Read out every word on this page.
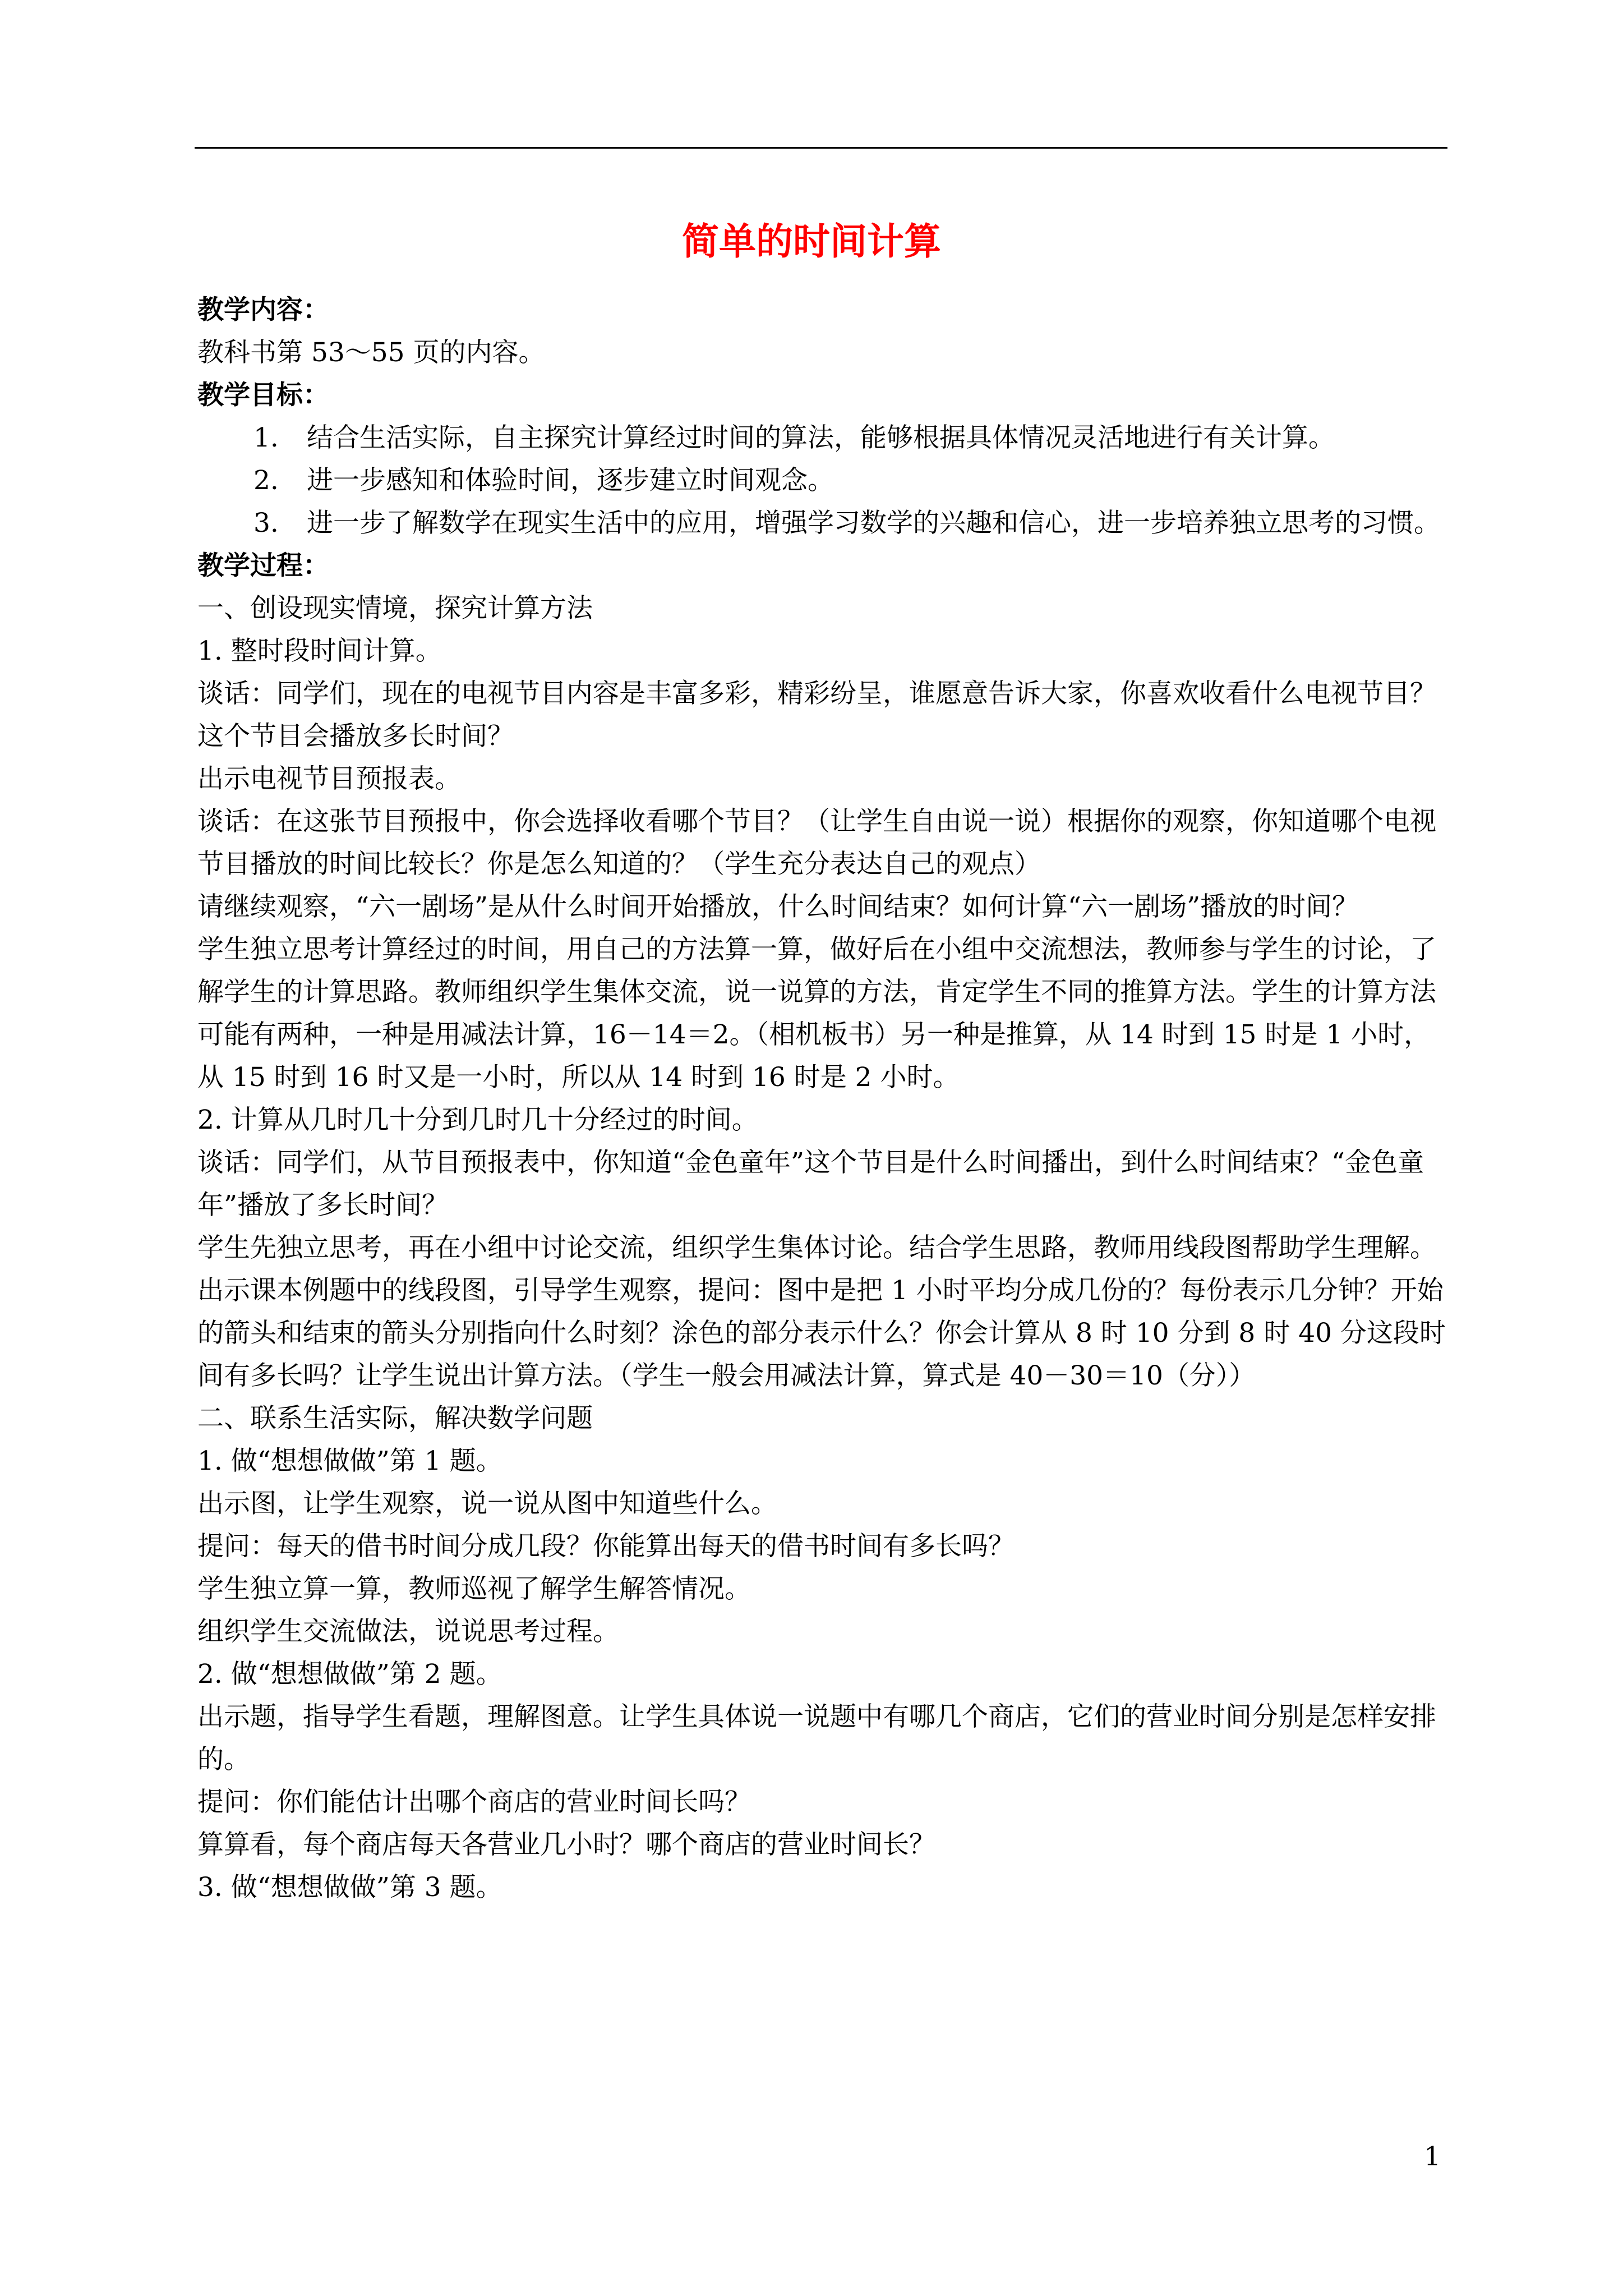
简单的时间计算

教学内容：

教科书第 53～55 页的内容。

教学目标：

1. 结合生活实际，自主探究计算经过时间的算法，能够根据具体情况灵活地进行有关计算。

2. 进一步感知和体验时间，逐步建立时间观念。

3. 进一步了解数学在现实生活中的应用，增强学习数学的兴趣和信心，进一步培养独立思考的习惯。

教学过程：

一、创设现实情境，探究计算方法

1. 整时段时间计算。

谈话：同学们，现在的电视节目内容是丰富多彩，精彩纷呈，谁愿意告诉大家，你喜欢收看什么电视节目？这个节目会播放多长时间？

出示电视节目预报表。

谈话：在这张节目预报中，你会选择收看哪个节目？（让学生自由说一说）根据你的观察，你知道哪个电视节目播放的时间比较长？你是怎么知道的？（学生充分表达自己的观点）

请继续观察，“六一剧场”是从什么时间开始播放，什么时间结束？如何计算“六一剧场”播放的时间？

学生独立思考计算经过的时间，用自己的方法算一算，做好后在小组中交流想法，教师参与学生的讨论，了解学生的计算思路。教师组织学生集体交流，说一说算的方法，肯定学生不同的推算方法。学生的计算方法可能有两种，一种是用减法计算，16－14＝2。（相机板书）另一种是推算，从 14 时到 15 时是 1 小时，从 15 时到 16 时又是一小时，所以从 14 时到 16 时是 2 小时。

2. 计算从几时几十分到几时几十分经过的时间。

谈话：同学们，从节目预报表中，你知道“金色童年”这个节目是什么时间播出，到什么时间结束？“金色童年”播放了多长时间？

学生先独立思考，再在小组中讨论交流，组织学生集体讨论。结合学生思路，教师用线段图帮助学生理解。

出示课本例题中的线段图，引导学生观察，提问：图中是把 1 小时平均分成几份的？每份表示几分钟？开始的箭头和结束的箭头分别指向什么时刻？涂色的部分表示什么？你会计算从 8 时 10 分到 8 时 40 分这段时间有多长吗？让学生说出计算方法。（学生一般会用减法计算，算式是 40－30＝10（分））

二、联系生活实际，解决数学问题

1. 做“想想做做”第 1 题。

出示图，让学生观察，说一说从图中知道些什么。

提问：每天的借书时间分成几段？你能算出每天的借书时间有多长吗？

学生独立算一算，教师巡视了解学生解答情况。

组织学生交流做法，说说思考过程。

2. 做“想想做做”第 2 题。

出示题，指导学生看题，理解图意。让学生具体说一说题中有哪几个商店，它们的营业时间分别是怎样安排的。

提问：你们能估计出哪个商店的营业时间长吗？

算算看，每个商店每天各营业几小时？哪个商店的营业时间长？

3. 做“想想做做”第 3 题。

1
